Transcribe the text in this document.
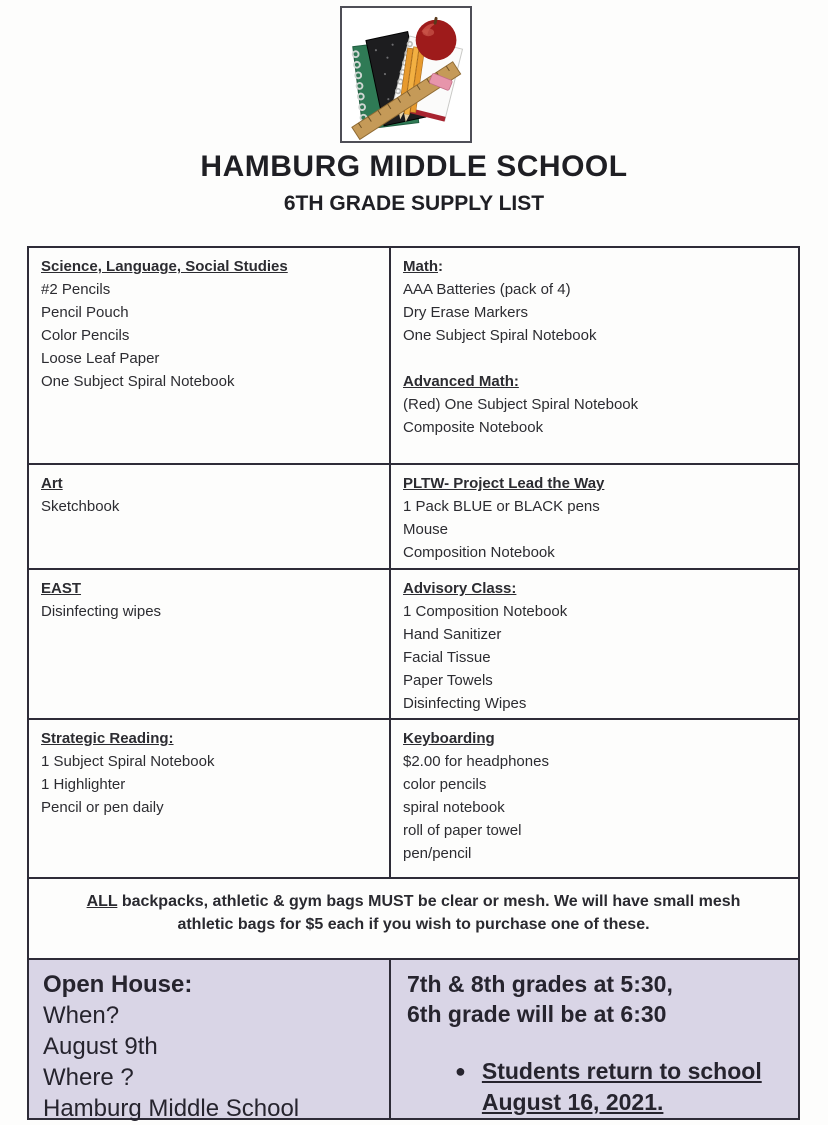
HAMBURG MIDDLE SCHOOL
6TH GRADE SUPPLY LIST
Science, Language, Social Studies
#2 Pencils
Pencil Pouch
Color Pencils
Loose Leaf Paper
One Subject Spiral Notebook
Math:
AAA Batteries (pack of 4)
Dry Erase Markers
One Subject Spiral Notebook
Advanced Math:
(Red) One Subject Spiral Notebook
Composite Notebook
Art
Sketchbook
PLTW- Project Lead the Way
1 Pack BLUE or BLACK pens
Mouse
Composition Notebook
EAST
Disinfecting wipes
Advisory Class:
1 Composition Notebook
Hand Sanitizer
Facial Tissue
Paper Towels
Disinfecting Wipes
Strategic Reading:
1 Subject Spiral Notebook
1 Highlighter
Pencil or pen daily
Keyboarding
$2.00 for headphones
color pencils
spiral notebook
roll of paper towel
pen/pencil
ALL backpacks, athletic & gym bags MUST be clear or mesh. We will have small mesh athletic bags for $5 each if you wish to purchase one of these.
Open House:
When?
August 9th
Where ?
Hamburg Middle School
7th & 8th grades at 5:30,
6th grade will be at 6:30
● Students return to school August 16, 2021.
